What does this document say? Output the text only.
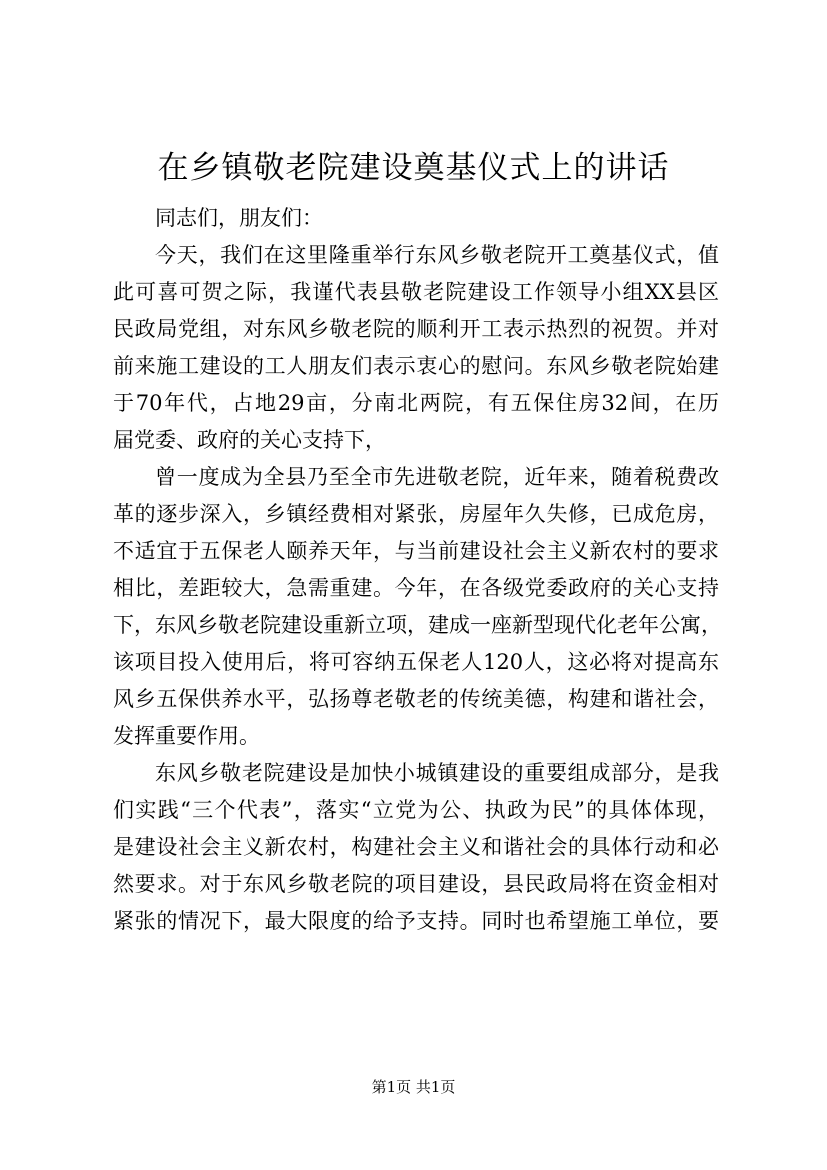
在乡镇敬老院建设奠基仪式上的讲话
同志们，朋友们：
今天，我们在这里隆重举行东风乡敬老院开工奠基仪式，值
此可喜可贺之际，我谨代表县敬老院建设工作领导小组XX县区
民政局党组，对东风乡敬老院的顺利开工表示热烈的祝贺。并对
前来施工建设的工人朋友们表示衷心的慰问。东风乡敬老院始建
于70年代，占地29亩，分南北两院，有五保住房32间，在历
届党委、政府的关心支持下，
曾一度成为全县乃至全市先进敬老院，近年来，随着税费改
革的逐步深入，乡镇经费相对紧张，房屋年久失修，已成危房，
不适宜于五保老人颐养天年，与当前建设社会主义新农村的要求
相比，差距较大，急需重建。今年，在各级党委政府的关心支持
下，东风乡敬老院建设重新立项，建成一座新型现代化老年公寓，
该项目投入使用后，将可容纳五保老人120人，这必将对提高东
风乡五保供养水平，弘扬尊老敬老的传统美德，构建和谐社会，
发挥重要作用。
东风乡敬老院建设是加快小城镇建设的重要组成部分，是我
们实践“三个代表”，落实“立党为公、执政为民”的具体体现，
是建设社会主义新农村，构建社会主义和谐社会的具体行动和必
然要求。对于东风乡敬老院的项目建设，县民政局将在资金相对
紧张的情况下，最大限度的给予支持。同时也希望施工单位，要
第1页 共1页
